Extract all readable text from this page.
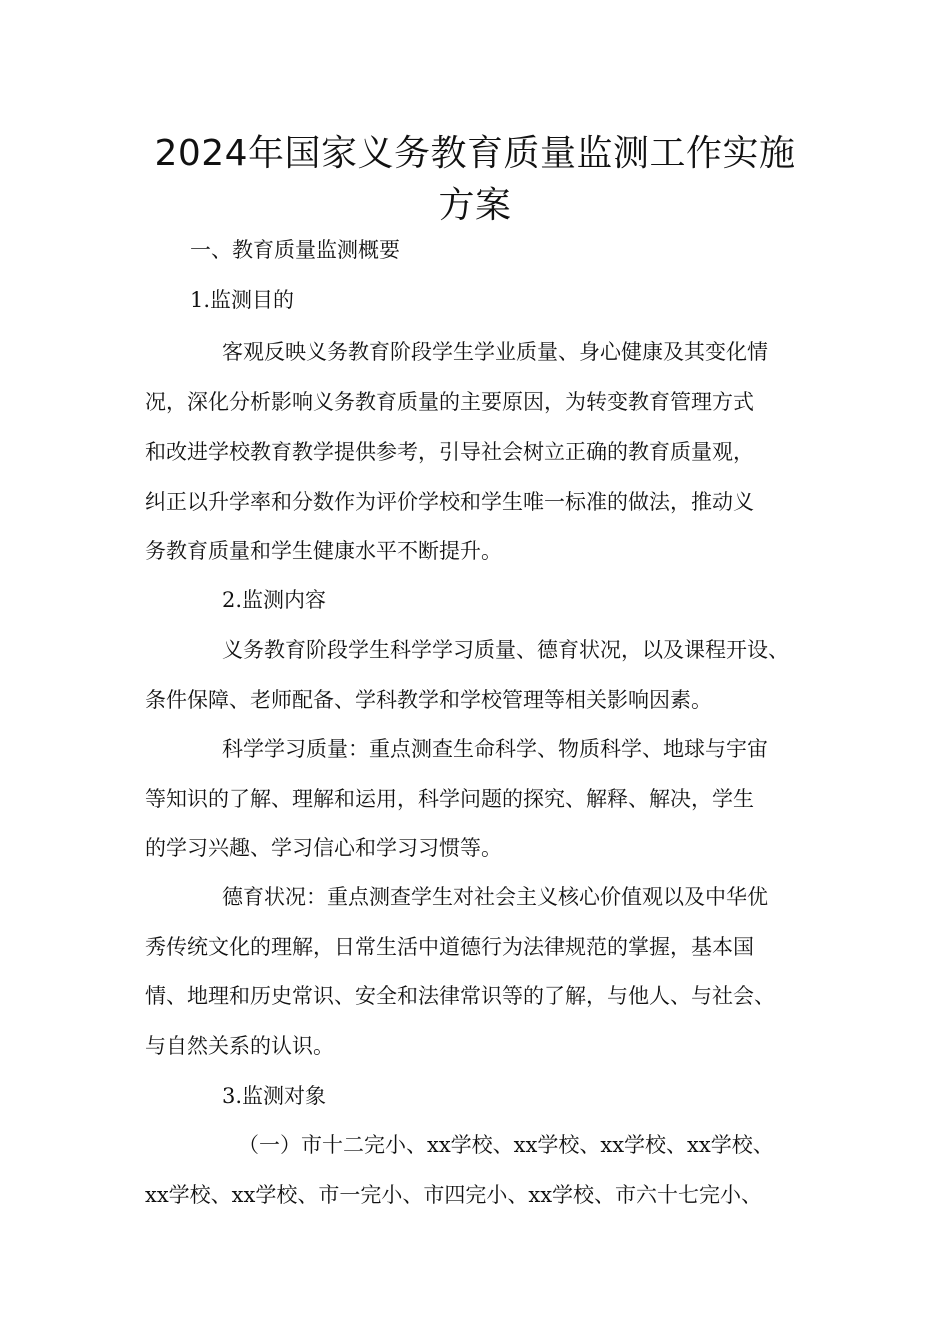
2024年国家义务教育质量监测工作实施
方案

一、教育质量监测概要

1.监测目的

客观反映义务教育阶段学生学业质量、身心健康及其变化情

况，深化分析影响义务教育质量的主要原因，为转变教育管理方式

和改进学校教育教学提供参考，引导社会树立正确的教育质量观，

纠正以升学率和分数作为评价学校和学生唯一标准的做法，推动义

务教育质量和学生健康水平不断提升。

2.监测内容

义务教育阶段学生科学学习质量、德育状况，以及课程开设、

条件保障、老师配备、学科教学和学校管理等相关影响因素。

科学学习质量：重点测查生命科学、物质科学、地球与宇宙

等知识的了解、理解和运用，科学问题的探究、解释、解决，学生

的学习兴趣、学习信心和学习习惯等。

德育状况：重点测查学生对社会主义核心价值观以及中华优

秀传统文化的理解，日常生活中道德行为法律规范的掌握，基本国

情、地理和历史常识、安全和法律常识等的了解，与他人、与社会、

与自然关系的认识。

3.监测对象

（一）市十二完小、xx学校、xx学校、xx学校、xx学校、

xx学校、xx学校、市一完小、市四完小、xx学校、市六十七完小、
